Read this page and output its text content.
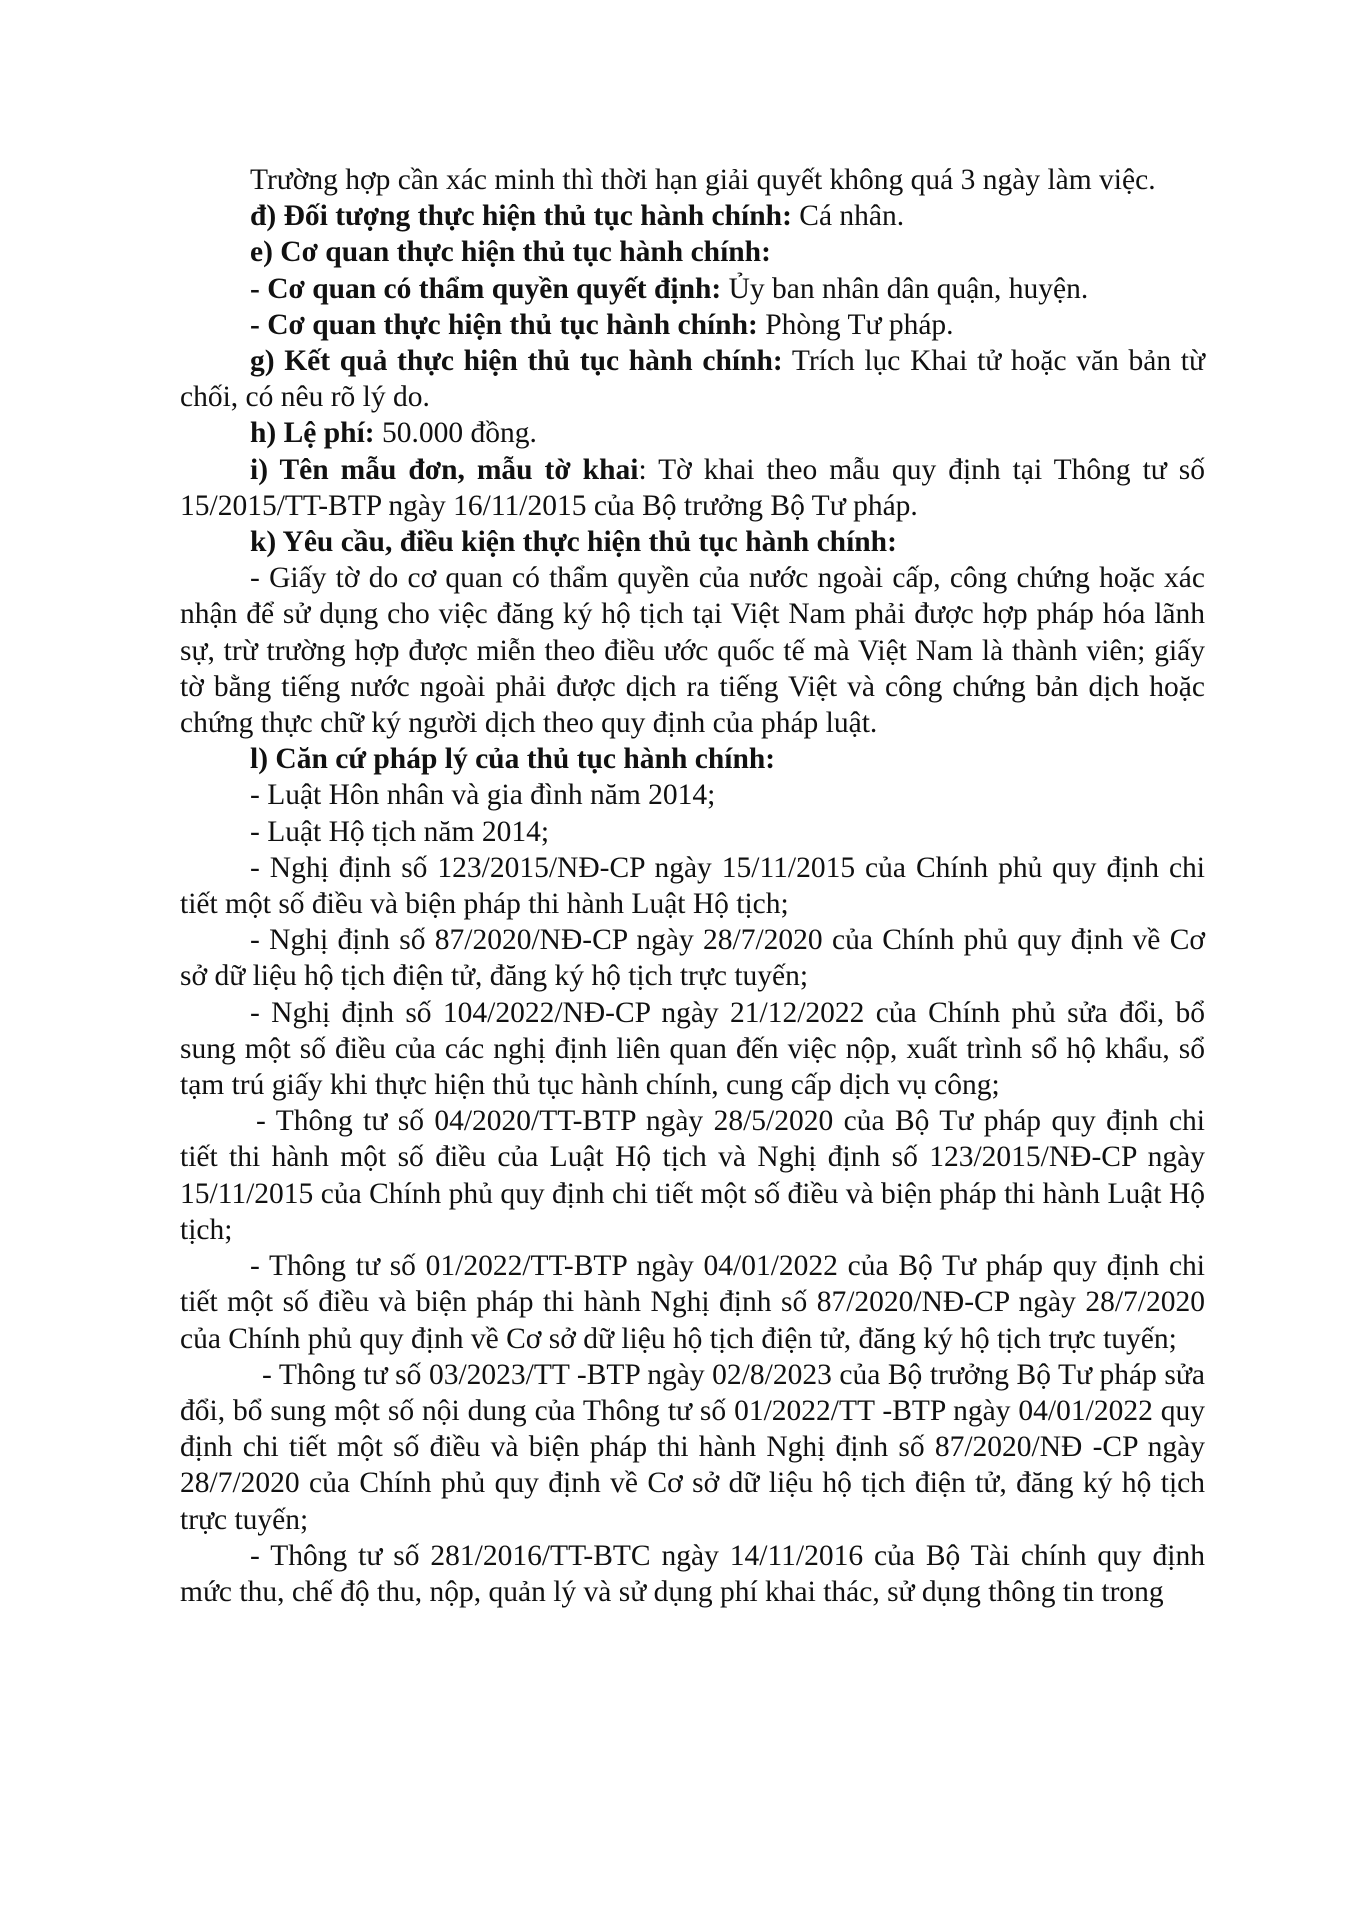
Trường hợp cần xác minh thì thời hạn giải quyết không quá 3 ngày làm việc.

đ) Đối tượng thực hiện thủ tục hành chính: Cá nhân.

e) Cơ quan thực hiện thủ tục hành chính:

- Cơ quan có thẩm quyền quyết định: Ủy ban nhân dân quận, huyện.

- Cơ quan thực hiện thủ tục hành chính: Phòng Tư pháp.

g) Kết quả thực hiện thủ tục hành chính: Trích lục Khai tử hoặc văn bản từ chối, có nêu rõ lý do.

h) Lệ phí: 50.000 đồng.

i) Tên mẫu đơn, mẫu tờ khai: Tờ khai theo mẫu quy định tại Thông tư số 15/2015/TT-BTP ngày 16/11/2015 của Bộ trưởng Bộ Tư pháp.

k) Yêu cầu, điều kiện thực hiện thủ tục hành chính:

- Giấy tờ do cơ quan có thẩm quyền của nước ngoài cấp, công chứng hoặc xác nhận để sử dụng cho việc đăng ký hộ tịch tại Việt Nam phải được hợp pháp hóa lãnh sự, trừ trường hợp được miễn theo điều ước quốc tế mà Việt Nam là thành viên; giấy tờ bằng tiếng nước ngoài phải được dịch ra tiếng Việt và công chứng bản dịch hoặc chứng thực chữ ký người dịch theo quy định của pháp luật.

l) Căn cứ pháp lý của thủ tục hành chính:

- Luật Hôn nhân và gia đình năm 2014;

- Luật Hộ tịch năm 2014;

- Nghị định số 123/2015/NĐ-CP ngày 15/11/2015 của Chính phủ quy định chi tiết một số điều và biện pháp thi hành Luật Hộ tịch;

- Nghị định số 87/2020/NĐ-CP ngày 28/7/2020 của Chính phủ quy định về Cơ sở dữ liệu hộ tịch điện tử, đăng ký hộ tịch trực tuyến;

- Nghị định số 104/2022/NĐ-CP ngày 21/12/2022 của Chính phủ sửa đổi, bổ sung một số điều của các nghị định liên quan đến việc nộp, xuất trình sổ hộ khẩu, sổ tạm trú giấy khi thực hiện thủ tục hành chính, cung cấp dịch vụ công;

- Thông tư số 04/2020/TT-BTP ngày 28/5/2020 của Bộ Tư pháp quy định chi tiết thi hành một số điều của Luật Hộ tịch và Nghị định số 123/2015/NĐ-CP ngày 15/11/2015 của Chính phủ quy định chi tiết một số điều và biện pháp thi hành Luật Hộ tịch;

- Thông tư số 01/2022/TT-BTP ngày 04/01/2022 của Bộ Tư pháp quy định chi tiết một số điều và biện pháp thi hành Nghị định số 87/2020/NĐ-CP ngày 28/7/2020 của Chính phủ quy định về Cơ sở dữ liệu hộ tịch điện tử, đăng ký hộ tịch trực tuyến;

- Thông tư số 03/2023/TT -BTP ngày 02/8/2023 của Bộ trưởng Bộ Tư pháp sửa đổi, bổ sung một số nội dung của Thông tư số 01/2022/TT -BTP ngày 04/01/2022 quy định chi tiết một số điều và biện pháp thi hành Nghị định số 87/2020/NĐ -CP ngày 28/7/2020 của Chính phủ quy định về Cơ sở dữ liệu hộ tịch điện tử, đăng ký hộ tịch trực tuyến;

- Thông tư số 281/2016/TT-BTC ngày 14/11/2016 của Bộ Tài chính quy định mức thu, chế độ thu, nộp, quản lý và sử dụng phí khai thác, sử dụng thông tin trong
